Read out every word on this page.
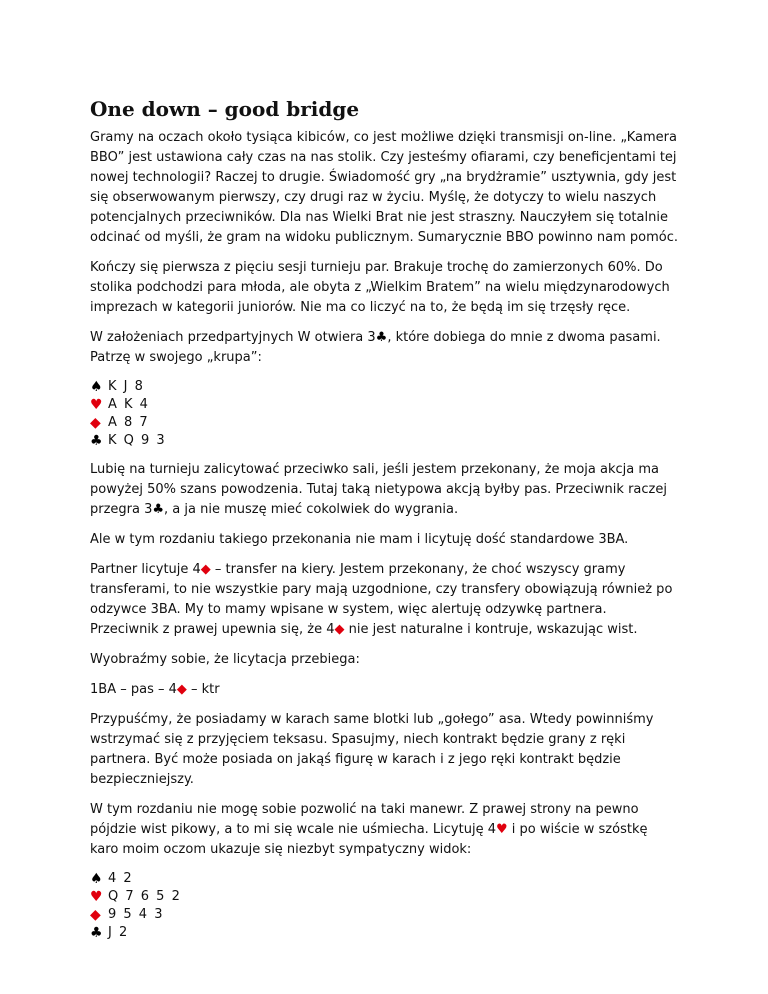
One down – good bridge

Gramy na oczach około tysiąca kibiców, co jest możliwe dzięki transmisji on-line. „Kamera BBO” jest ustawiona cały czas na nas stolik. Czy jesteśmy ofiarami, czy beneficjentami tej nowej technologii? Raczej to drugie. Świadomość gry „na brydżramie” usztywnia, gdy jest się obserwowanym pierwszy, czy drugi raz w życiu. Myślę, że dotyczy to wielu naszych potencjalnych przeciwników. Dla nas Wielki Brat nie jest straszny. Nauczyłem się totalnie odcinać od myśli, że gram na widoku publicznym. Sumarycznie BBO powinno nam pomóc.

Kończy się pierwsza z pięciu sesji turnieju par. Brakuje trochę do zamierzonych 60%. Do stolika podchodzi para młoda, ale obyta z „Wielkim Bratem” na wielu międzynarodowych imprezach w kategorii juniorów. Nie ma co liczyć na to, że będą im się trzęsły ręce.

W założeniach przedpartyjnych W otwiera 3♣, które dobiega do mnie z dwoma pasami. Patrzę w swojego „krupa”:

♠ K J 8
♥ A K 4
◆ A 8 7
♣ K Q 9 3

Lubię na turnieju zalicytować przeciwko sali, jeśli jestem przekonany, że moja akcja ma powyżej 50% szans powodzenia. Tutaj taką nietypowa akcją byłby pas. Przeciwnik raczej przegra 3♣, a ja nie muszę mieć cokolwiek do wygrania.

Ale w tym rozdaniu takiego przekonania nie mam i licytuję dość standardowe 3BA.

Partner licytuje 4◆ – transfer na kiery. Jestem przekonany, że choć wszyscy gramy transferami, to nie wszystkie pary mają uzgodnione, czy transfery obowiązują również po odzywce 3BA. My to mamy wpisane w system, więc alertuję odzywkę partnera. Przeciwnik z prawej upewnia się, że 4◆ nie jest naturalne i kontruje, wskazując wist.

Wyobraźmy sobie, że licytacja przebiega:

1BA – pas – 4◆ – ktr

Przypuśćmy, że posiadamy w karach same blotki lub „gołego” asa. Wtedy powinniśmy wstrzymać się z przyjęciem teksasu. Spasujmy, niech kontrakt będzie grany z ręki partnera. Być może posiada on jakąś figurę w karach i z jego ręki kontrakt będzie bezpieczniejszy.

W tym rozdaniu nie mogę sobie pozwolić na taki manewr. Z prawej strony na pewno pójdzie wist pikowy, a to mi się wcale nie uśmiecha. Licytuję 4♥ i po wiście w szóstkę karo moim oczom ukazuje się niezbyt sympatyczny widok:

♠ 4 2
♥ Q 7 6 5 2
◆ 9 5 4 3
♣ J 2
